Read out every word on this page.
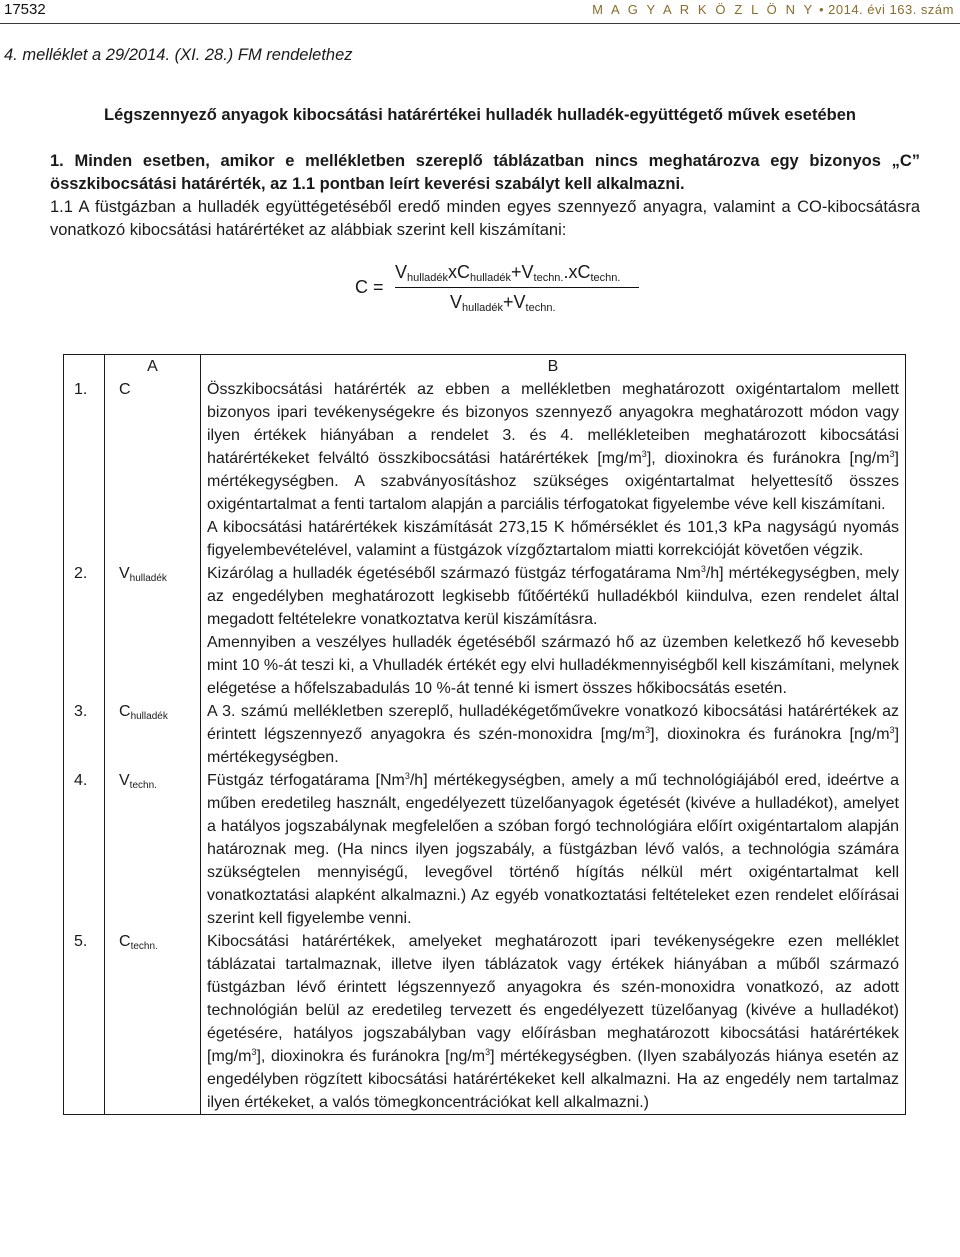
17532	M A G Y A R K Ö Z L Ö N Y • 2014. évi 163. szám
4. melléklet a 29/2014. (XI. 28.) FM rendelethez
Légszennyező anyagok kibocsátási határértékei hulladék hulladék-együttégető művek esetében
1. Minden esetben, amikor e mellékletben szereplő táblázatban nincs meghatározva egy bizonyos „C” összkibocsátási határérték, az 1.1 pontban leírt keverési szabályt kell alkalmazni.
1.1 A füstgázban a hulladék együttégetéséből eredő minden egyes szennyező anyagra, valamint a CO-kibocsátásra vonatkozó kibocsátási határértéket az alábbiak szerint kell kiszámítani:
C =
$V_{hulladék}xC_{hulladék}+V_{techn.}.xC_{techn.}$
$V_{hulladék}+V_{techn.}$
	A	B
1.	C	Összkibocsátási határérték az ebben a mellékletben meghatározott oxigéntartalom mellett bizonyos ipari tevékenységekre és bizonyos szennyező anyagokra meghatározott módon vagy ilyen értékek hiányában a rendelet 3. és 4. mellékleteiben meghatározott kibocsátási határértékeket felváltó összkibocsátási határértékek $[mg/m^3]$, dioxinokra és furánokra $[ng/m^3]$ mértékegységben. A szabványosításhoz szükséges oxigéntartalmat helyettesítő összes oxigéntartalmat a fenti tartalom alapján a parciális térfogatokat figyelembe véve kell kiszámítani.

A kibocsátási határértékek kiszámítását 273,15 K hőmérséklet és 101,3 kPa nagyságú nyomás figyelembevételével, valamint a füstgázok vízgőztartalom miatti korrekcióját követően végzik.

2.	$V_{hulladék}$	Kizárólag a hulladék égetéséből származó füstgáz térfogatárama Nm$^3$/h] mértékegységben, mely az engedélyben meghatározott legkisebb fűtőértékű hulladékból kiindulva, ezen rendelet által megadott feltételekre vonatkoztatva kerül kiszámításra.

Amennyiben a veszélyes hulladék égetéséből származó hő az üzemben keletkező hő kevesebb mint 10 %-át teszi ki, a Vhulladék értékét egy elvi hulladékmennyiségből kell kiszámítani, melynek elégetése a hőfelszabadulás 10 %-át tenné ki ismert összes hőkibocsátás esetén.

3.	$C_{hulladék}$	A 3. számú mellékletben szereplő, hulladékégetőművekre vonatkozó kibocsátási határértékek az érintett légszennyező anyagokra és szén-monoxidra $[mg/m^3]$, dioxinokra és furánokra $[ng/m^3]$ mértékegységben.

4.	$V_{techn.}$	Füstgáz térfogatárama [Nm$^3$/h] mértékegységben, amely a mű technológiájából ered, ideértve a műben eredetileg használt, engedélyezett tüzelőanyagok égetését (kivéve a hulladékot), amelyet a hatályos jogszabálynak megfelelően a szóban forgó technológiára előírt oxigéntartalom alapján határoznak meg. (Ha nincs ilyen jogszabály, a füstgázban lévő valós, a technológia számára szükségtelen mennyiségű, levegővel történő hígítás nélkül mért oxigéntartalmat kell vonatkoztatási alapként alkalmazni.) Az egyéb vonatkoztatási feltételeket ezen rendelet előírásai szerint kell figyelembe venni.

5.	$C_{techn.}$	Kibocsátási határértékek, amelyeket meghatározott ipari tevékenységekre ezen melléklet táblázatai tartalmaznak, illetve ilyen táblázatok vagy értékek hiányában a műből származó füstgázban lévő érintett légszennyező anyagokra és szén-monoxidra vonatkozó, az adott technológián belül az eredetileg tervezett és engedélyezett tüzelőanyag (kivéve a hulladékot) égetésére, hatályos jogszabályban vagy előírásban meghatározott kibocsátási határértékek $[mg/m^3]$, dioxinokra és furánokra $[ng/m^3]$ mértékegységben. (Ilyen szabályozás hiánya esetén az engedélyben rögzített kibocsátási határértékeket kell alkalmazni. Ha az engedély nem tartalmaz ilyen értékeket, a valós tömegkoncentrációkat kell alkalmazni.)
